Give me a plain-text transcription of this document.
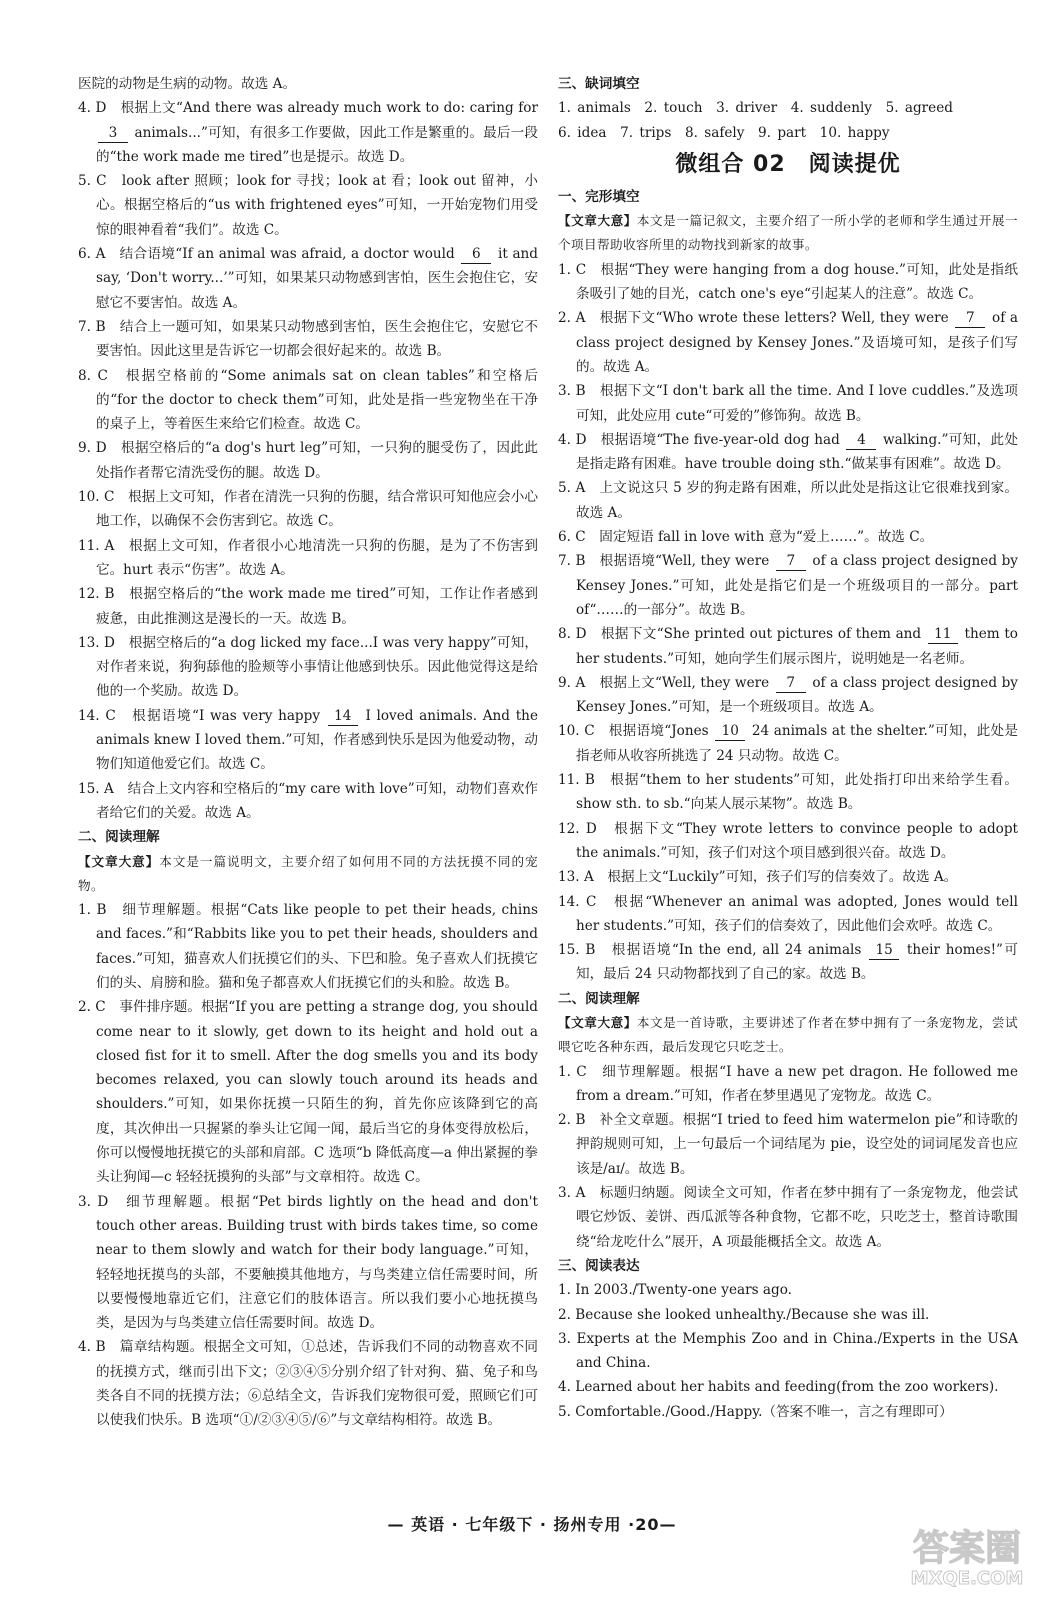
医院的动物是生病的动物。故选 A。

4. D　根据上文“And there was already much work to do: caring for 3 animals...”可知，有很多工作要做，因此工作是繁重的。最后一段的“the work made me tired”也是提示。故选 D。

5. C　look after 照顾；look for 寻找；look at 看；look out 留神，小心。根据空格后的“us with frightened eyes”可知，一开始宠物们用受惊的眼神看着“我们”。故选 C。

6. A　结合语境“If an animal was afraid, a doctor would 6 it and say, ‘Don't worry...’”可知，如果某只动物感到害怕，医生会抱住它，安慰它不要害怕。故选 A。

7. B　结合上一题可知，如果某只动物感到害怕，医生会抱住它，安慰它不要害怕。因此这里是告诉它一切都会很好起来的。故选 B。

8. C　根据空格前的“Some animals sat on clean tables”和空格后的“for the doctor to check them”可知，此处是指一些宠物坐在干净的桌子上，等着医生来给它们检查。故选 C。

9. D　根据空格后的“a dog's hurt leg”可知，一只狗的腿受伤了，因此此处指作者帮它清洗受伤的腿。故选 D。

10. C　根据上文可知，作者在清洗一只狗的伤腿，结合常识可知他应会小心地工作，以确保不会伤害到它。故选 C。

11. A　根据上文可知，作者很小心地清洗一只狗的伤腿，是为了不伤害到它。hurt 表示“伤害”。故选 A。

12. B　根据空格后的“the work made me tired”可知，工作让作者感到疲惫，由此推测这是漫长的一天。故选 B。

13. D　根据空格后的“a dog licked my face...I was very happy”可知，对作者来说，狗狗舔他的脸颊等小事情让他感到快乐。因此他觉得这是给他的一个奖励。故选 D。

14. C　根据语境“I was very happy 14 I loved animals. And the animals knew I loved them.”可知，作者感到快乐是因为他爱动物，动物们知道他爱它们。故选 C。

15. A　结合上文内容和空格后的“my care with love”可知，动物们喜欢作者给它们的关爱。故选 A。

二、阅读理解

【文章大意】本文是一篇说明文，主要介绍了如何用不同的方法抚摸不同的宠物。

1. B　细节理解题。根据“Cats like people to pet their heads, chins and faces.”和“Rabbits like you to pet their heads, shoulders and faces.”可知，猫喜欢人们抚摸它们的头、下巴和脸。兔子喜欢人们抚摸它们的头、肩膀和脸。猫和兔子都喜欢人们抚摸它们的头和脸。故选 B。

2. C　事件排序题。根据“If you are petting a strange dog, you should come near to it slowly, get down to its height and hold out a closed fist for it to smell. After the dog smells you and its body becomes relaxed, you can slowly touch around its heads and shoulders.”可知，如果你抚摸一只陌生的狗，首先你应该降到它的高度，其次伸出一只握紧的拳头让它闻一闻，最后当它的身体变得放松后，你可以慢慢地抚摸它的头部和肩部。C 选项“b 降低高度—a 伸出紧握的拳头让狗闻—c 轻轻抚摸狗的头部”与文章相符。故选 C。

3. D　细节理解题。根据“Pet birds lightly on the head and don't touch other areas. Building trust with birds takes time, so come near to them slowly and watch for their body language.”可知，轻轻地抚摸鸟的头部，不要触摸其他地方，与鸟类建立信任需要时间，所以要慢慢地靠近它们，注意它们的肢体语言。所以我们要小心地抚摸鸟类，是因为与鸟类建立信任需要时间。故选 D。

4. B　篇章结构题。根据全文可知，①总述，告诉我们不同的动物喜欢不同的抚摸方式，继而引出下文；②③④⑤分别介绍了针对狗、猫、兔子和鸟类各自不同的抚摸方法；⑥总结全文，告诉我们宠物很可爱，照顾它们可以使我们快乐。B 选项“①/②③④⑤/⑥”与文章结构相符。故选 B。

三、缺词填空

1. animals　2. touch　3. driver　4. suddenly　5. agreed

6. idea　7. trips　8. safely　9. part　10. happy

微组合 02　阅读提优

一、完形填空

【文章大意】本文是一篇记叙文，主要介绍了一所小学的老师和学生通过开展一个项目帮助收容所里的动物找到新家的故事。

1. C　根据“They were hanging from a dog house.”可知，此处是指纸条吸引了她的目光，catch one's eye“引起某人的注意”。故选 C。

2. A　根据下文“Who wrote these letters? Well, they were 7 of a class project designed by Kensey Jones.”及语境可知，是孩子们写的。故选 A。

3. B　根据下文“I don't bark all the time. And I love cuddles.”及选项可知，此处应用 cute“可爱的”修饰狗。故选 B。

4. D　根据语境“The five-year-old dog had 4 walking.”可知，此处是指走路有困难。have trouble doing sth.“做某事有困难”。故选 D。

5. A　上文说这只 5 岁的狗走路有困难，所以此处是指这让它很难找到家。故选 A。

6. C　固定短语 fall in love with 意为“爱上……”。故选 C。

7. B　根据语境“Well, they were 7 of a class project designed by Kensey Jones.”可知，此处是指它们是一个班级项目的一部分。part of“……的一部分”。故选 B。

8. D　根据下文“She printed out pictures of them and 11 them to her students.”可知，她向学生们展示图片，说明她是一名老师。

9. A　根据上文“Well, they were 7 of a class project designed by Kensey Jones.”可知，是一个班级项目。故选 A。

10. C　根据语境“Jones 10 24 animals at the shelter.”可知，此处是指老师从收容所挑选了 24 只动物。故选 C。

11. B　根据“them to her students”可知，此处指打印出来给学生看。show sth. to sb.“向某人展示某物”。故选 B。

12. D　根据下文“They wrote letters to convince people to adopt the animals.”可知，孩子们对这个项目感到很兴奋。故选 D。

13. A　根据上文“Luckily”可知，孩子们写的信奏效了。故选 A。

14. C　根据“Whenever an animal was adopted, Jones would tell her students.”可知，孩子们的信奏效了，因此他们会欢呼。故选 C。

15. B　根据语境“In the end, all 24 animals 15 their homes!”可知，最后 24 只动物都找到了自己的家。故选 B。

二、阅读理解

【文章大意】本文是一首诗歌，主要讲述了作者在梦中拥有了一条宠物龙，尝试喂它吃各种东西，最后发现它只吃芝士。

1. C　细节理解题。根据“I have a new pet dragon. He followed me from a dream.”可知，作者在梦里遇见了宠物龙。故选 C。

2. B　补全文章题。根据“I tried to feed him watermelon pie”和诗歌的押韵规则可知，上一句最后一个词结尾为 pie，设空处的词词尾发音也应该是/aɪ/。故选 B。

3. A　标题归纳题。阅读全文可知，作者在梦中拥有了一条宠物龙，他尝试喂它炒饭、姜饼、西瓜派等各种食物，它都不吃，只吃芝士，整首诗歌围绕“给龙吃什么”展开，A 项最能概括全文。故选 A。

三、阅读表达

1. In 2003./Twenty-one years ago.

2. Because she looked unhealthy./Because she was ill.

3. Experts at the Memphis Zoo and in China./Experts in the USA and China.

4. Learned about her habits and feeding(from the zoo workers).

5. Comfortable./Good./Happy.（答案不唯一，言之有理即可）

— 英语 · 七年级下 · 扬州专用 ·20—
答案圈
MXQE.COM
